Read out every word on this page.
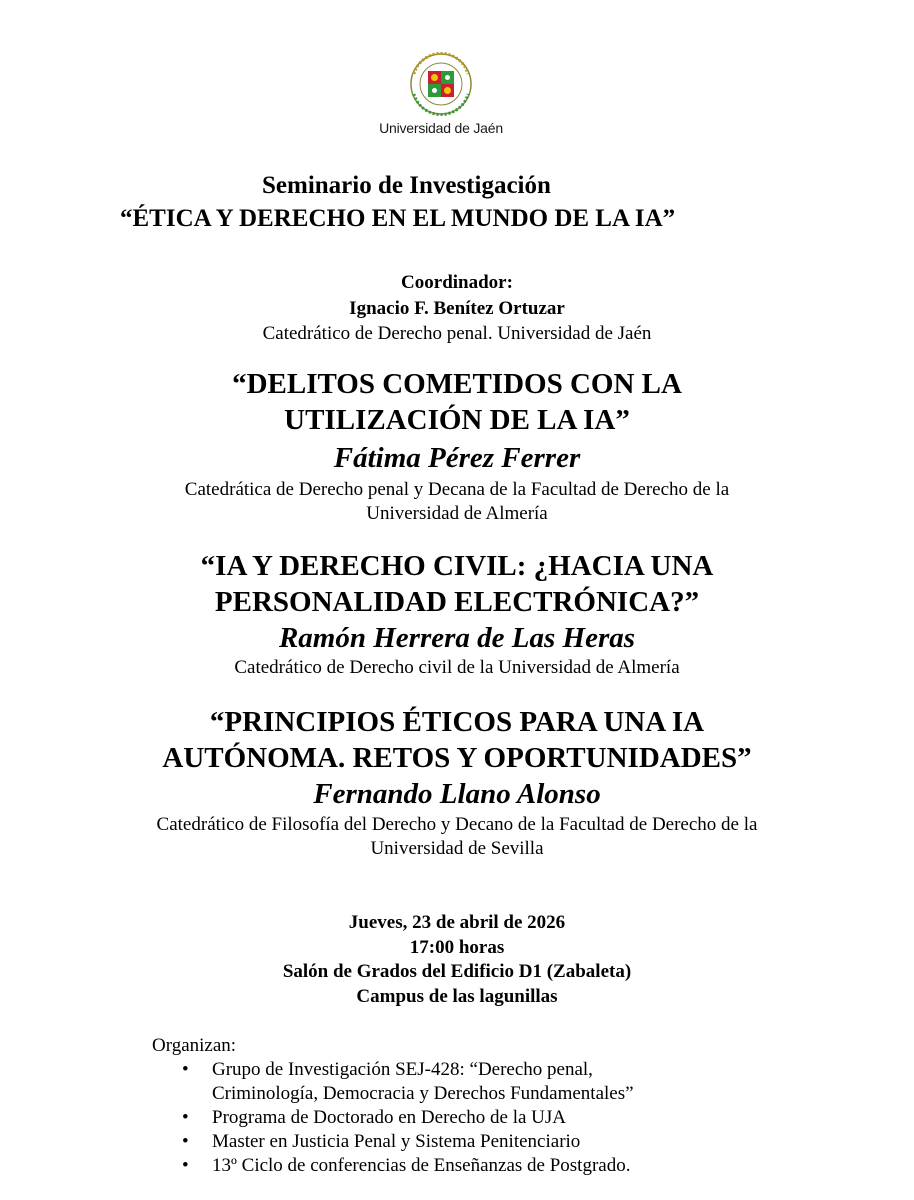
Universidad de Jaén
Seminario de Investigación
“ÉTICA Y DERECHO EN EL MUNDO DE LA IA”
Coordinador:
Ignacio F. Benítez Ortuzar
Catedrático de Derecho penal. Universidad de Jaén
“DELITOS COMETIDOS CON LA
UTILIZACIÓN DE LA IA”
Fátima Pérez Ferrer
Catedrática de Derecho penal y Decana de la Facultad de Derecho de la
Universidad de Almería
“IA Y DERECHO CIVIL: ¿HACIA UNA
PERSONALIDAD ELECTRÓNICA?”
Ramón Herrera de Las Heras
Catedrático de Derecho civil de la Universidad de Almería
“PRINCIPIOS ÉTICOS PARA UNA IA
AUTÓNOMA. RETOS Y OPORTUNIDADES”
Fernando Llano Alonso
Catedrático de Filosofía del Derecho y Decano de la Facultad de Derecho de la
Universidad de Sevilla
Jueves, 23 de abril de 2026
17:00 horas
Salón de Grados del Edificio D1 (Zabaleta)
Campus de las lagunillas
Organizan:
• Grupo de Investigación SEJ-428: “Derecho penal,
Criminología, Democracia y Derechos Fundamentales”
• Programa de Doctorado en Derecho de la UJA
• Master en Justicia Penal y Sistema Penitenciario
• 13º Ciclo de conferencias de Enseñanzas de Postgrado.
